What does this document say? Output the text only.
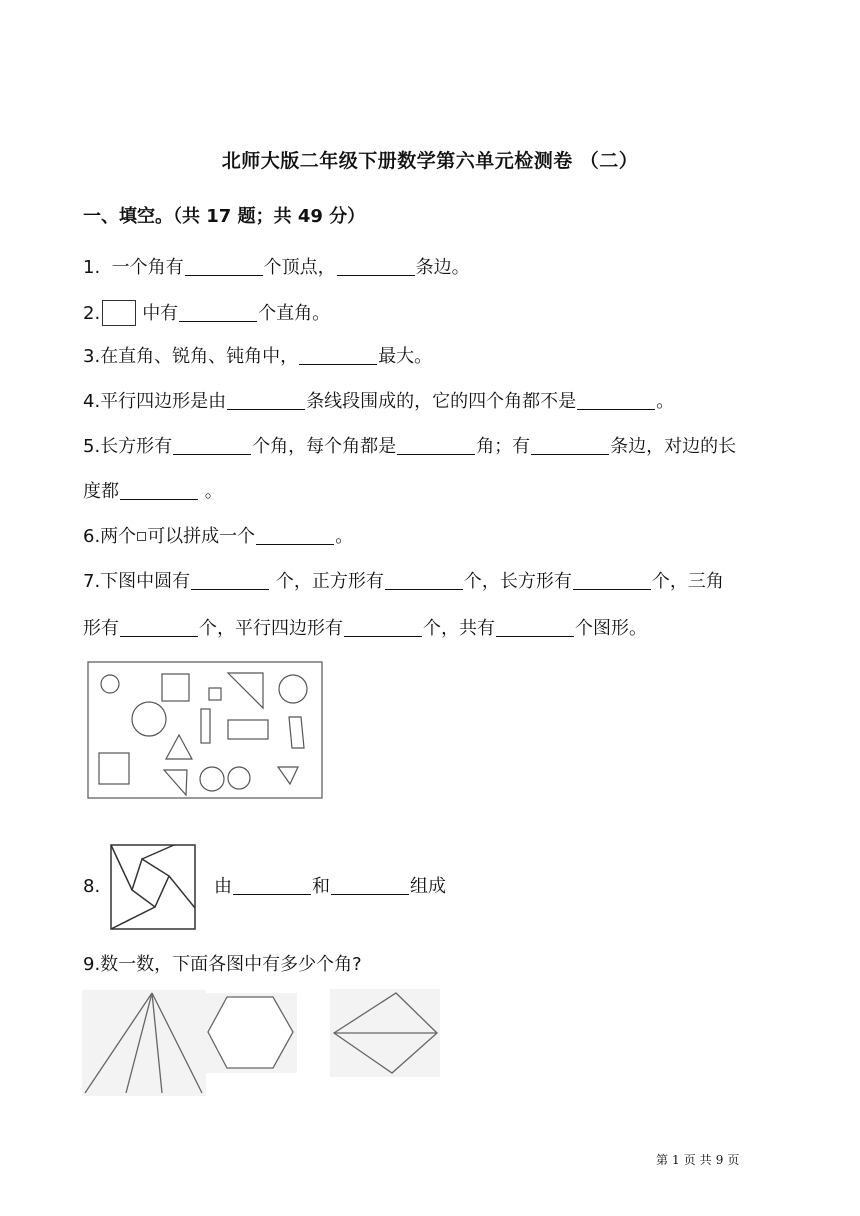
北师大版二年级下册数学第六单元检测卷 （二）
一、填空。（共 17 题；共 49 分）
1. 一个角有	个顶点，	条边。
2. 中有	个直角。
3.在直角、锐角、钝角中，	最大。
4.平行四边形是由	条线段围成的，它的四个角都不是	。
5.长方形有	个角，每个角都是	角；有	条边，对边的长
度都	。
6.两个 可以拼成一个	。
7.下图中圆有	个，正方形有	个，长方形有	个，三角
形有	个，平行四边形有	个，共有	个图形。
8.	由	和	组成
9.数一数，下面各图中有多少个角?
第 1 页 共 9 页
